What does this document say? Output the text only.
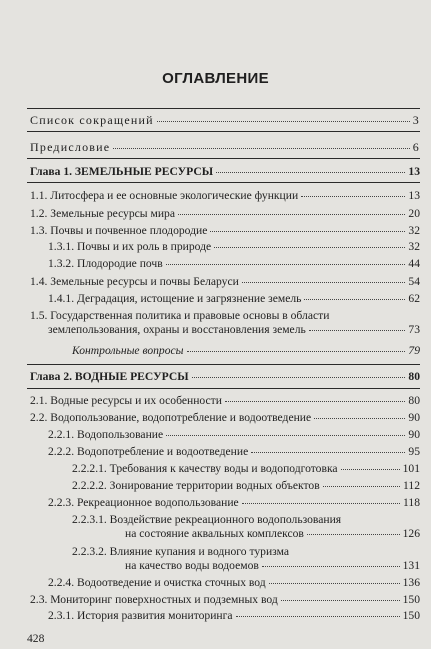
ОГЛАВЛЕНИЕ
Список сокращений	3
Предисловие	6
Глава 1. ЗЕМЕЛЬНЫЕ РЕСУРСЫ	13
1.1. Литосфера и ее основные экологические функции	13
1.2. Земельные ресурсы мира	20
1.3. Почвы и почвенное плодородие	32
1.3.1. Почвы и их роль в природе	32
1.3.2. Плодородие почв	44
1.4. Земельные ресурсы и почвы Беларуси	54
1.4.1. Деградация, истощение и загрязнение земель	62
1.5. Государственная политика и правовые основы в области
землепользования, охраны и восстановления земель	73
Контрольные вопросы	79
Глава 2. ВОДНЫЕ РЕСУРСЫ	80
2.1. Водные ресурсы и их особенности	80
2.2. Водопользование, водопотребление и водоотведение	90
2.2.1. Водопользование	90
2.2.2. Водопотребление и водоотведение	95
2.2.2.1. Требования к качеству воды и водоподготовка	101
2.2.2.2. Зонирование территории водных объектов	112
2.2.3. Рекреационное водопользование	118
2.2.3.1. Воздействие рекреационного водопользования
на состояние аквальных комплексов	126
2.2.3.2. Влияние купания и водного туризма
на качество воды водоемов	131
2.2.4. Водоотведение и очистка сточных вод	136
2.3. Мониторинг поверхностных и подземных вод	150
2.3.1. История развития мониторинга	150
428
